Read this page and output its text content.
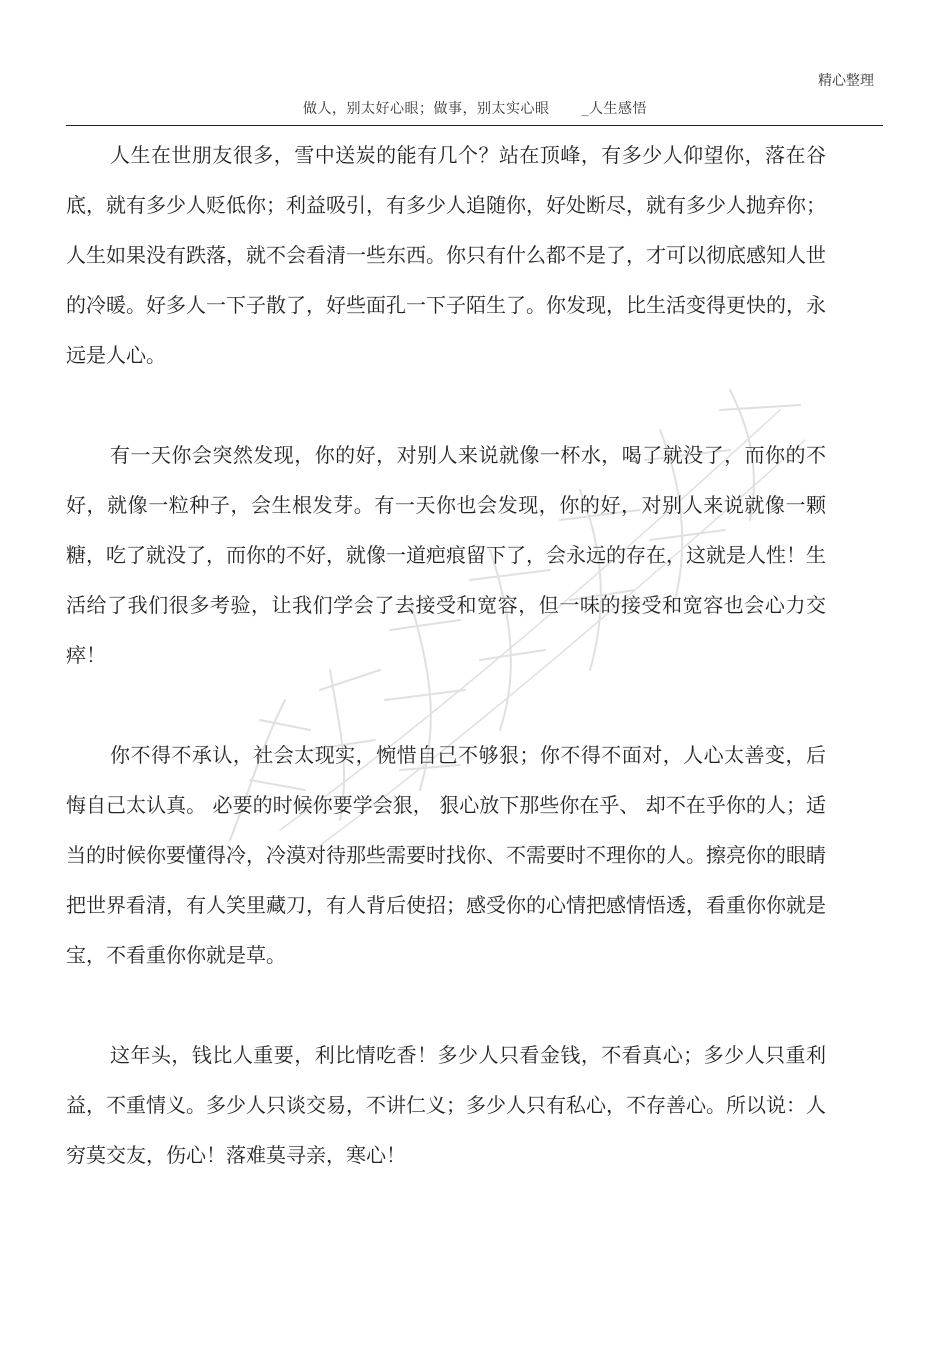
精心整理
做人，别太好心眼；做事，别太实心眼 _人生感悟

人生在世朋友很多，雪中送炭的能有几个？站在顶峰，有多少人仰望你，落在谷底，就有多少人贬低你；利益吸引，有多少人追随你，好处断尽，就有多少人抛弃你；人生如果没有跌落，就不会看清一些东西。你只有什么都不是了，才可以彻底感知人世的冷暖。好多人一下子散了，好些面孔一下子陌生了。你发现，比生活变得更快的，永远是人心。

有一天你会突然发现，你的好，对别人来说就像一杯水，喝了就没了，而你的不好，就像一粒种子，会生根发芽。有一天你也会发现，你的好，对别人来说就像一颗糖，吃了就没了，而你的不好，就像一道疤痕留下了，会永远的存在，这就是人性！生活给了我们很多考验，让我们学会了去接受和宽容，但一味的接受和宽容也会心力交瘁！

你不得不承认，社会太现实，惋惜自己不够狠；你不得不面对，人心太善变，后悔自己太认真。 必要的时候你要学会狠， 狠心放下那些你在乎、 却不在乎你的人；适当的时候你要懂得冷，冷漠对待那些需要时找你、不需要时不理你的人。擦亮你的眼睛把世界看清，有人笑里藏刀，有人背后使招；感受你的心情把感情悟透，看重你你就是宝，不看重你你就是草。

这年头，钱比人重要，利比情吃香！多少人只看金钱，不看真心；多少人只重利益，不重情义。多少人只谈交易，不讲仁义；多少人只有私心，不存善心。所以说：人穷莫交友，伤心！落难莫寻亲，寒心！
